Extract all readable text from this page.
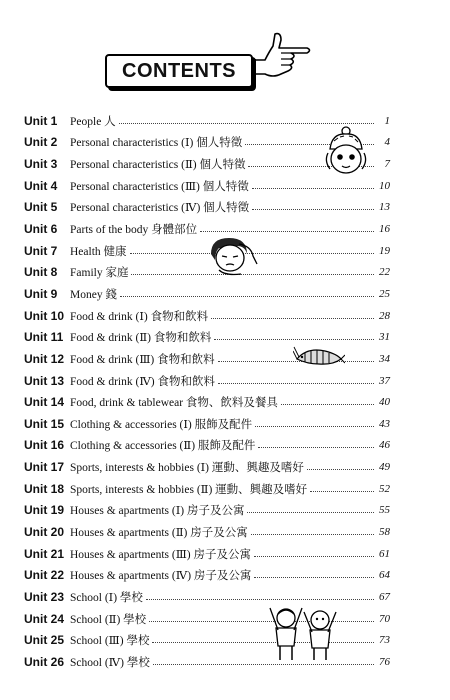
CONTENTS
Unit 1	People 人	1
Unit 2	Personal characteristics (Ⅰ) 個人特徵	4
Unit 3	Personal characteristics (Ⅱ) 個人特徵	7
Unit 4	Personal characteristics (Ⅲ) 個人特徵	10
Unit 5	Personal characteristics (Ⅳ) 個人特徵	13
Unit 6	Parts of the body 身體部位	16
Unit 7	Health 健康	19
Unit 8	Family 家庭	22
Unit 9	Money 錢	25
Unit 10 Food & drink (Ⅰ) 食物和飲料	28
Unit 11 Food & drink (Ⅱ) 食物和飲料	31
Unit 12 Food & drink (Ⅲ) 食物和飲料	34
Unit 13 Food & drink (Ⅳ) 食物和飲料	37
Unit 14 Food, drink & tablewear 食物、飲料及餐具	40
Unit 15 Clothing & accessories (Ⅰ) 服飾及配件	43
Unit 16 Clothing & accessories (Ⅱ) 服飾及配件	46
Unit 17 Sports, interests & hobbies (Ⅰ) 運動、興趣及嗜好	49
Unit 18 Sports, interests & hobbies (Ⅱ) 運動、興趣及嗜好	52
Unit 19 Houses & apartments (Ⅰ) 房子及公寓	55
Unit 20 Houses & apartments (Ⅱ) 房子及公寓	58
Unit 21 Houses & apartments (Ⅲ) 房子及公寓	61
Unit 22 Houses & apartments (Ⅳ) 房子及公寓	64
Unit 23 School (Ⅰ) 學校	67
Unit 24 School (Ⅱ) 學校	70
Unit 25 School (Ⅲ) 學校	73
Unit 26 School (Ⅳ) 學校	76
